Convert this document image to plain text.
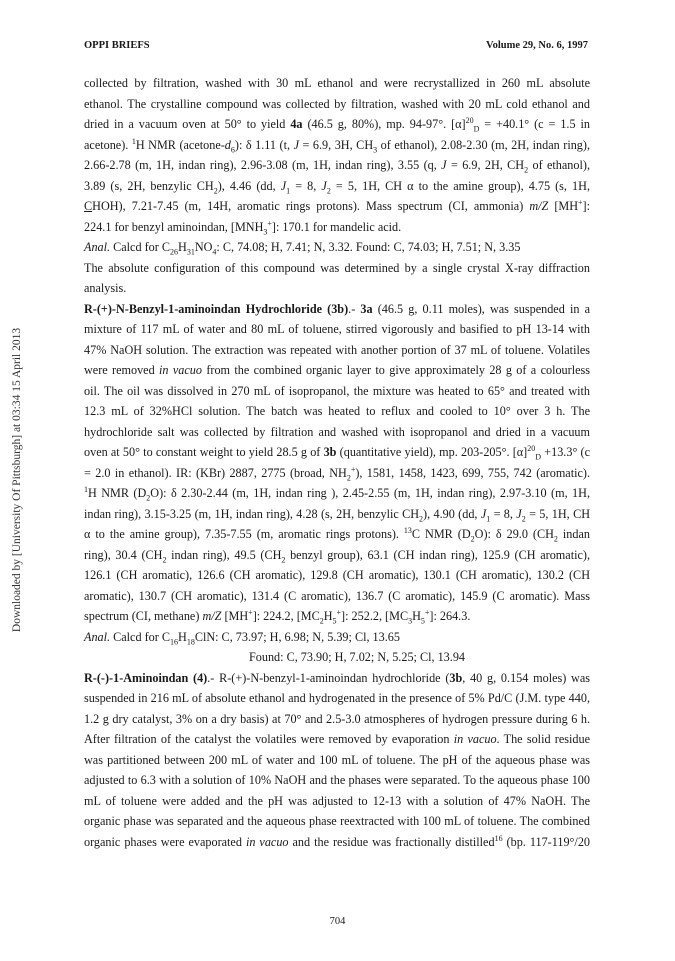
OPPI BRIEFS	Volume 29, No. 6, 1997
Downloaded by [University Of Pittsburgh] at 03:34 15 April 2013
collected by filtration, washed with 30 mL ethanol and were recrystallized in 260 mL absolute
ethanol. The crystalline compound was collected by filtration, washed with 20 mL cold ethanol and
dried in a vacuum oven at 50° to yield 4a (46.5 g, 80%), mp. 94-97°. $[\alpha]^{20}_D = +40.1^\circ$ (c = 1.5 in
acetone). $^1$H NMR $(acetone-d_6)$: δ 1.11 (t, J = 6.9, 3H, $CH_3$ of ethanol), 2.08-2.30 (m, 2H, indan ring),
2.66-2.78 (m, 1H, indan ring), 2.96-3.08 (m, 1H, indan ring), 3.55 (q, J = 6.9, 2H, $CH_2$ of ethanol),
3.89 (s, 2H, benzylic $CH_2$), 4.46 (dd, $J_1 = 8$, $J_2 = 5$, 1H, CH α to the amine group), 4.75 (s, 1H,
CHOH), 7.21-7.45 (m, 14H, aromatic rings protons). Mass spectrum (CI, ammonia) m/Z [MH+]:
224.1 for benzyl aminoindan, $[MNH_3^+]$: 170.1 for mandelic acid.
Anal. Calcd for $C_{26}H_{31}NO_4$: C, 74.08; H, 7.41; N, 3.32. Found: C, 74.03; H, 7.51; N, 3.35
The absolute configuration of this compound was determined by a single crystal X-ray diffraction
analysis.
R-(+)-N-Benzyl-1-aminoindan Hydrochloride (3b).- 3a (46.5 g, 0.11 moles), was suspended in a
mixture of 117 mL of water and 80 mL of toluene, stirred vigorously and basified to pH 13-14 with
47% NaOH solution. The extraction was repeated with another portion of 37 mL of toluene. Volatiles
were removed in vacuo from the combined organic layer to give approximately 28 g of a colourless
oil. The oil was dissolved in 270 mL of isopropanol, the mixture was heated to 65° and treated with
12.3 mL of 32%HCl solution. The batch was heated to reflux and cooled to 10° over 3 h. The
hydrochloride salt was collected by filtration and washed with isopropanol and dried in a vacuum
oven at 50° to constant weight to yield 28.5 g of 3b (quantitative yield), mp. 203-205°. $[\alpha]^{20}_D +13.3^\circ$ (c
= 2.0 in ethanol). IR: (KBr) 2887, 2775 (broad, $NH_2^+$), 1581, 1458, 1423, 699, 755, 742 (aromatic).
$^1$H NMR $(D_2O)$: δ 2.30-2.44 (m, 1H, indan ring ), 2.45-2.55 (m, 1H, indan ring), 2.97-3.10 (m, 1H,
indan ring), 3.15-3.25 (m, 1H, indan ring), 4.28 (s, 2H, benzylic $CH_2$), 4.90 (dd, $J_1 = 8$, $J_2 = 5$, 1H, CH
α to the amine group), 7.35-7.55 (m, aromatic rings protons). $^{13}$C NMR $(D_2O)$: δ 29.0 ($CH_2$ indan
ring), 30.4 ($CH_2$ indan ring), 49.5 ($CH_2$ benzyl group), 63.1 (CH indan ring), 125.9 (CH aromatic),
126.1 (CH aromatic), 126.6 (CH aromatic), 129.8 (CH aromatic), 130.1 (CH aromatic), 130.2 (CH
aromatic), 130.7 (CH aromatic), 131.4 (C aromatic), 136.7 (C aromatic), 145.9 (C aromatic). Mass
spectrum (CI, methane) m/Z [MH+]: 224.2, $[MC_2H_5^+]$: 252.2, $[MC_3H_5^+]$: 264.3.
Anal. Calcd for $C_{16}H_{18}ClN$: C, 73.97; H, 6.98; N, 5.39; Cl, 13.65
Found: C, 73.90; H, 7.02; N, 5.25; Cl, 13.94
R-(-)-1-Aminoindan (4).- R-(+)-N-benzyl-1-aminoindan hydrochloride (3b, 40 g, 0.154 moles) was
suspended in 216 mL of absolute ethanol and hydrogenated in the presence of 5% Pd/C (J.M. type 440,
1.2 g dry catalyst, 3% on a dry basis) at 70° and 2.5-3.0 atmospheres of hydrogen pressure during 6 h.
After filtration of the catalyst the volatiles were removed by evaporation in vacuo. The solid residue
was partitioned between 200 mL of water and 100 mL of toluene. The pH of the aqueous phase was
adjusted to 6.3 with a solution of 10% NaOH and the phases were separated. To the aqueous phase 100
mL of toluene were added and the pH was adjusted to 12-13 with a solution of 47% NaOH. The
organic phase was separated and the aqueous phase reextracted with 100 mL of toluene. The combined
organic phases were evaporated in vacuo and the residue was fractionally distilled$^{16}$ (bp. 117-119°/20
704
